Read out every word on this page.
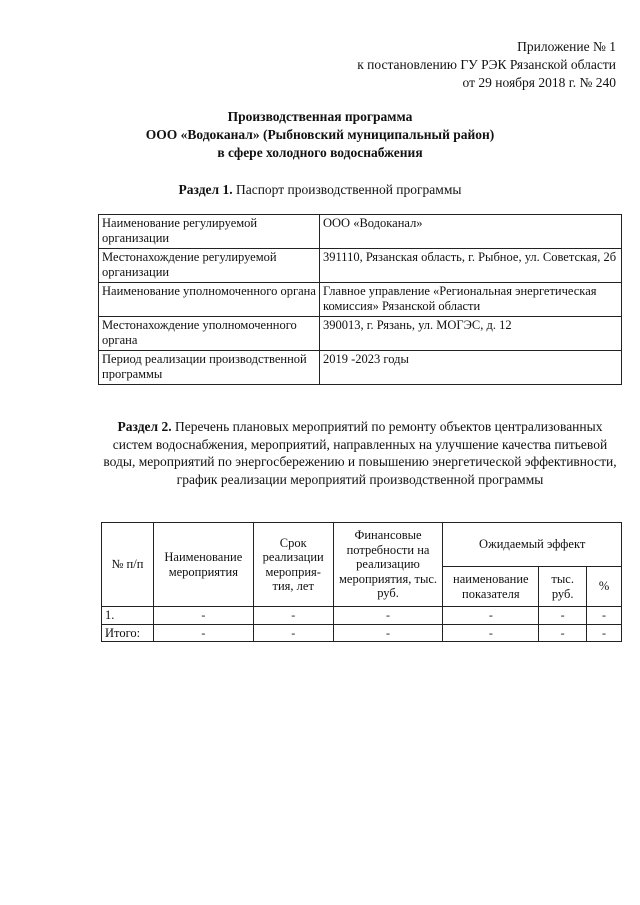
Приложение № 1
к постановлению ГУ РЭК Рязанской области
от 29 ноября 2018 г. № 240
Производственная программа
ООО «Водоканал» (Рыбновский муниципальный район)
в сфере холодного водоснабжения
Раздел 1. Паспорт производственной программы
Наименование регулируемой организации	ООО «Водоканал»
Местонахождение регулируемой организации	391110, Рязанская область, г. Рыбное, ул. Советская, 2б
Наименование уполномоченного органа	Главное управление «Региональная энергетическая комиссия» Рязанской области
Местонахождение уполномоченного органа	390013, г. Рязань, ул. МОГЭС, д. 12
Период реализации производственной программы	2019 -2023 годы
Раздел 2. Перечень плановых мероприятий по ремонту объектов централизованных систем водоснабжения, мероприятий, направленных на улучшение качества питьевой воды, мероприятий по энергосбережению и повышению энергетической эффективности, график реализации мероприятий производственной программы
№ п/п	Наименование мероприятия	Срок реализации мероприя-тия, лет	Финансовые потребности на реализацию мероприятия, тыс. руб.	Ожидаемый эффект		
				наименование показателя	тыс. руб.	%
1.	-	-	-	-	-	-
Итого:	-	-	-	-	-	-
